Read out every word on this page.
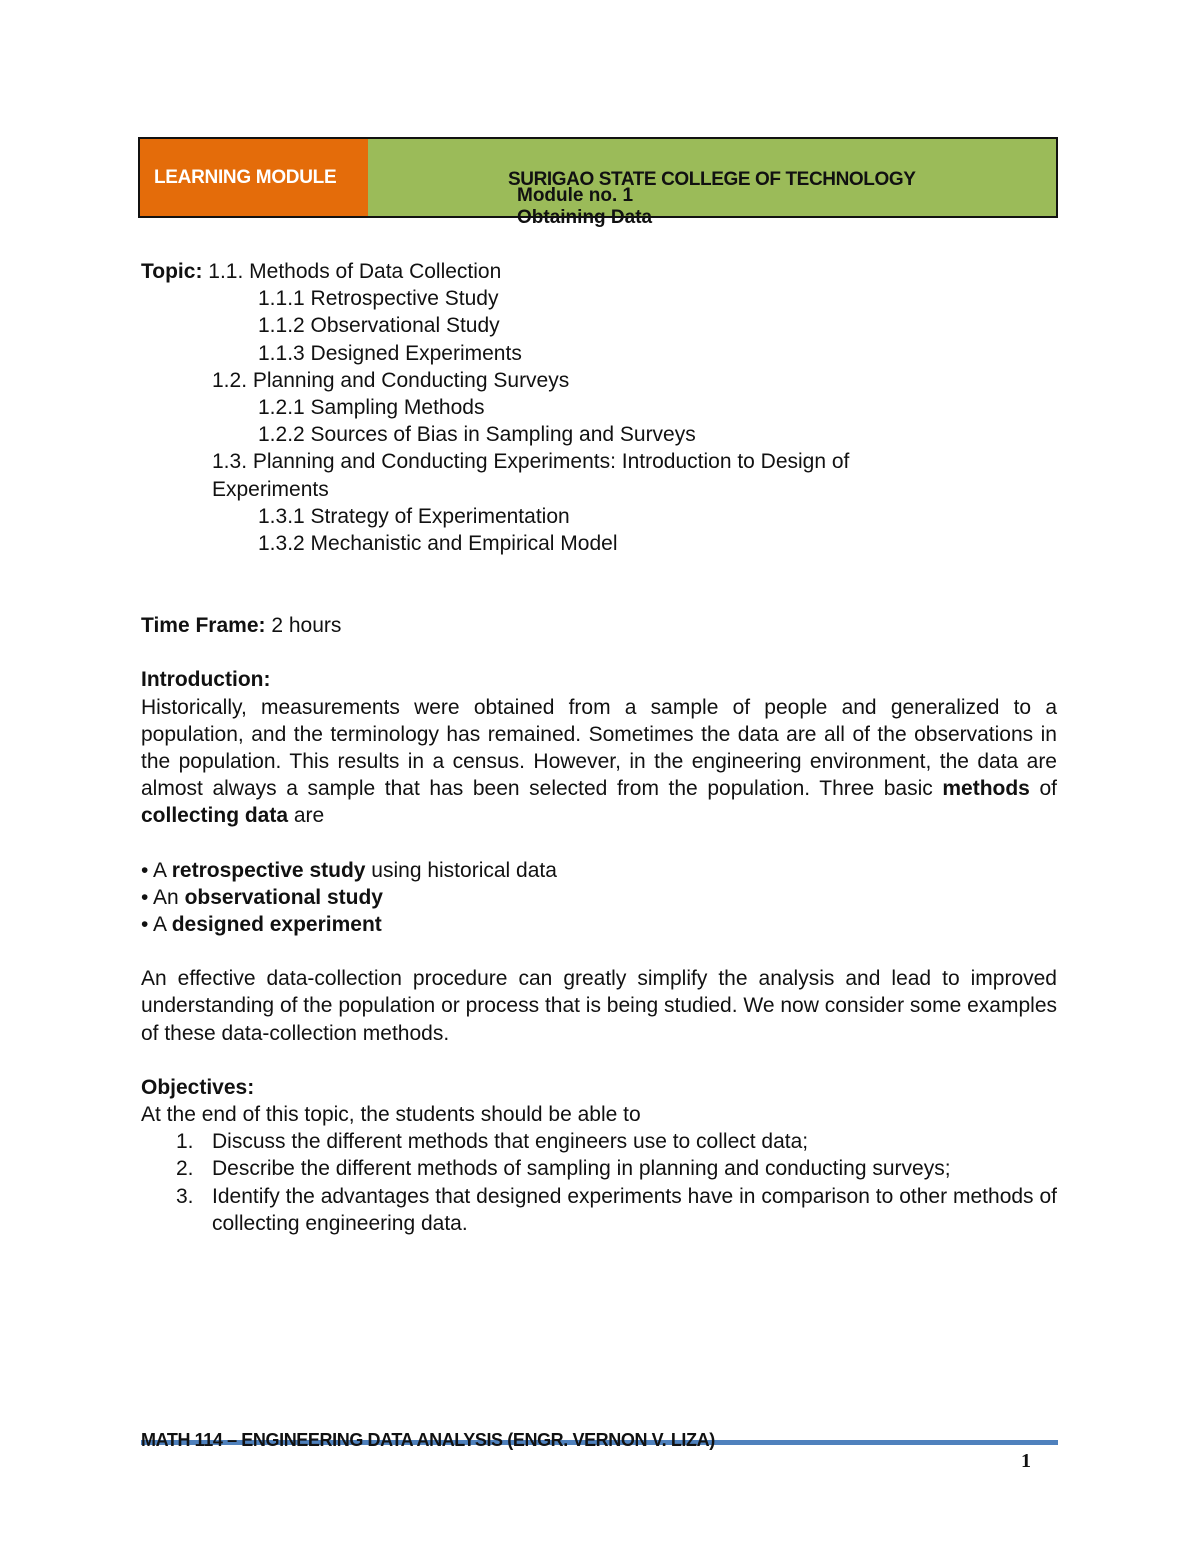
LEARNING MODULE	SURIGAO STATE COLLEGE OF TECHNOLOGY
Module no. 1
Obtaining Data
Topic: 1.1. Methods of Data Collection
1.1.1 Retrospective Study
1.1.2 Observational Study
1.1.3 Designed Experiments
1.2. Planning and Conducting Surveys
1.2.1 Sampling Methods
1.2.2 Sources of Bias in Sampling and Surveys
1.3. Planning and Conducting Experiments: Introduction to Design of
Experiments
1.3.1 Strategy of Experimentation
1.3.2 Mechanistic and Empirical Model
Time Frame: 2 hours
Introduction:
Historically, measurements were obtained from a sample of people and generalized to a population, and the terminology has remained. Sometimes the data are all of the observations in the population. This results in a census. However, in the engineering environment, the data are almost always a sample that has been selected from the population. Three basic methods of collecting data are
• A retrospective study using historical data
• An observational study
• A designed experiment
An effective data-collection procedure can greatly simplify the analysis and lead to improved understanding of the population or process that is being studied. We now consider some examples of these data-collection methods.
Objectives:
At the end of this topic, the students should be able to
1. Discuss the different methods that engineers use to collect data;
2. Describe the different methods of sampling in planning and conducting surveys;
3. Identify the advantages that designed experiments have in comparison to other methods of collecting engineering data.
MATH 114 – ENGINEERING DATA ANALYSIS (ENGR. VERNON V. LIZA)
1
